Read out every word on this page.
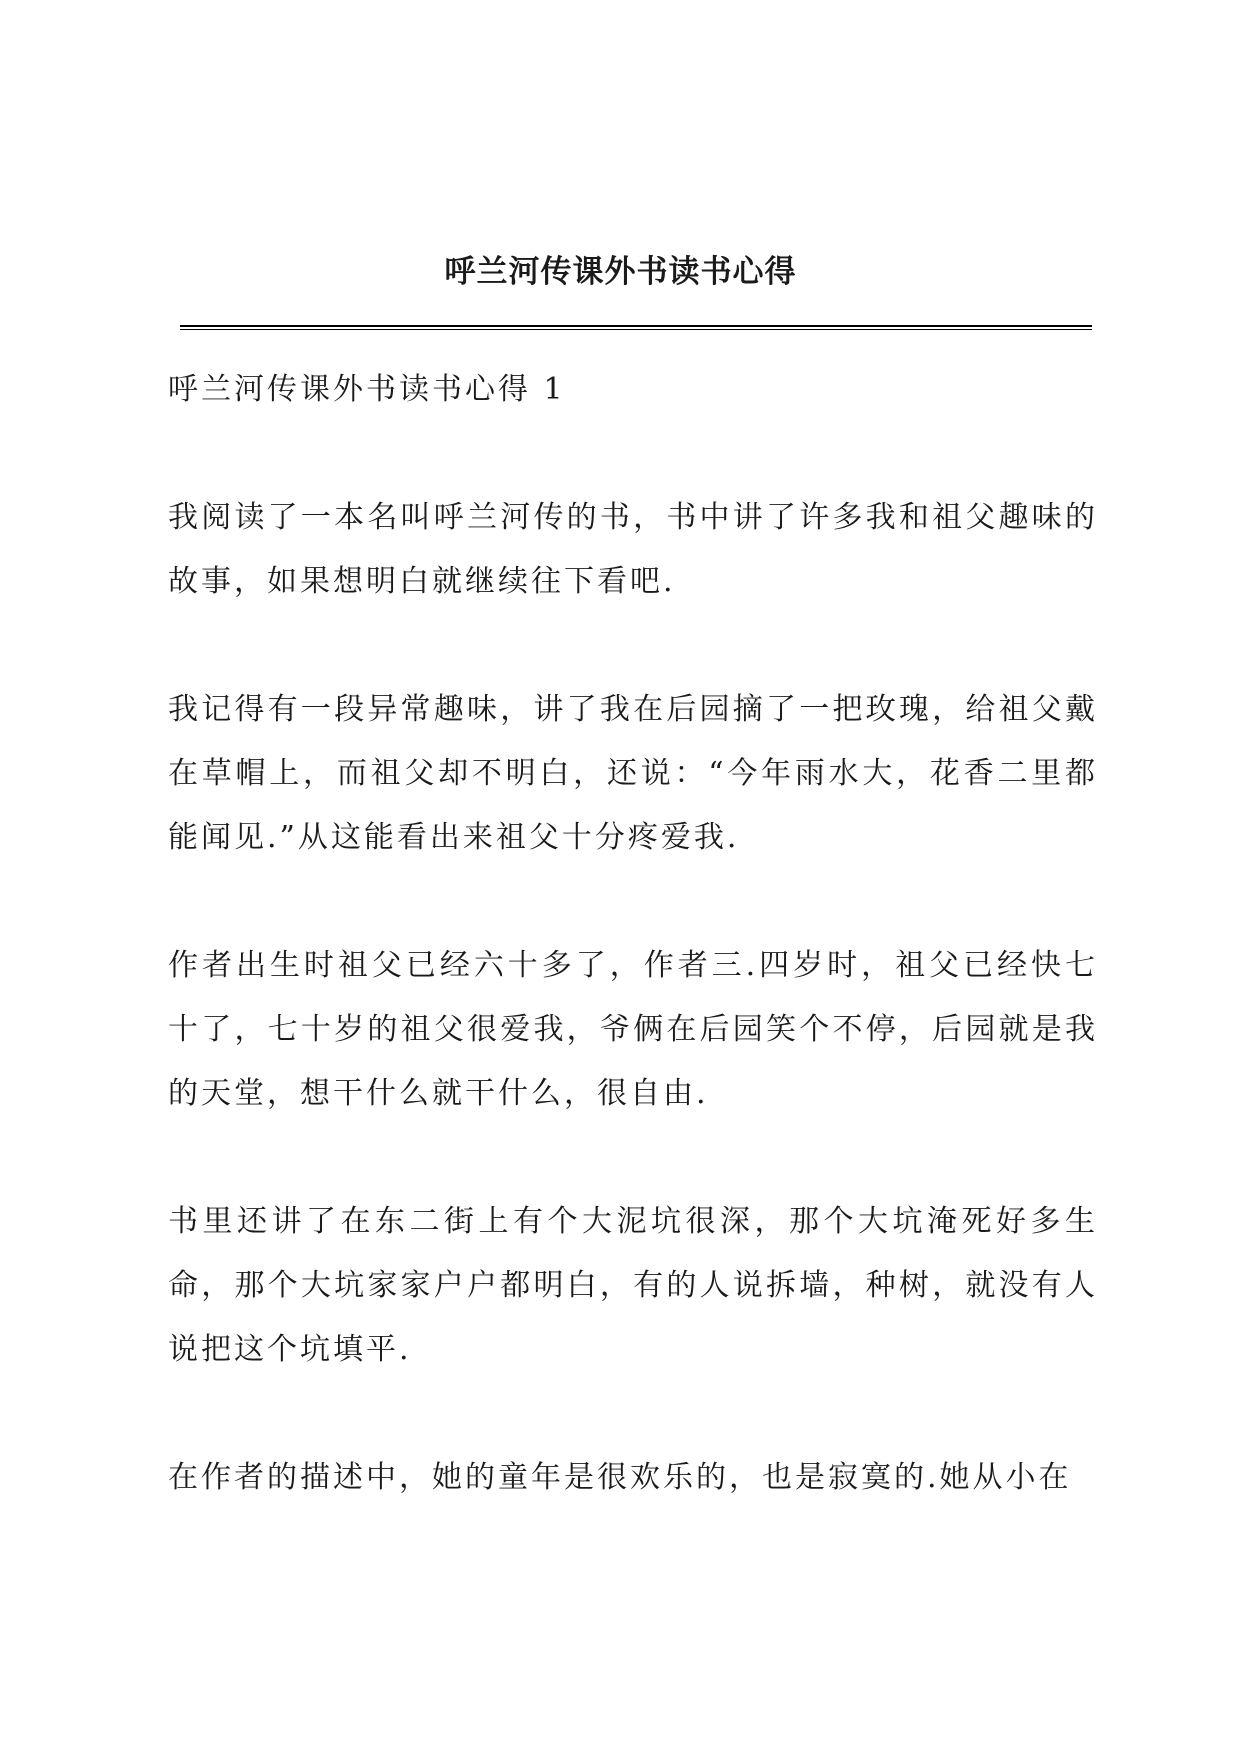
呼兰河传课外书读书心得

呼兰河传课外书读书心得 1

我阅读了一本名叫呼兰河传的书，书中讲了许多我和祖父趣味的故事，如果想明白就继续往下看吧.

我记得有一段异常趣味，讲了我在后园摘了一把玫瑰，给祖父戴在草帽上，而祖父却不明白，还说：“今年雨水大，花香二里都能闻见.”从这能看出来祖父十分疼爱我.

作者出生时祖父已经六十多了，作者三.四岁时，祖父已经快七十了，七十岁的祖父很爱我，爷俩在后园笑个不停，后园就是我的天堂，想干什么就干什么，很自由.

书里还讲了在东二街上有个大泥坑很深，那个大坑淹死好多生命，那个大坑家家户户都明白，有的人说拆墙，种树，就没有人说把这个坑填平.

在作者的描述中，她的童年是很欢乐的，也是寂寞的.她从小在
